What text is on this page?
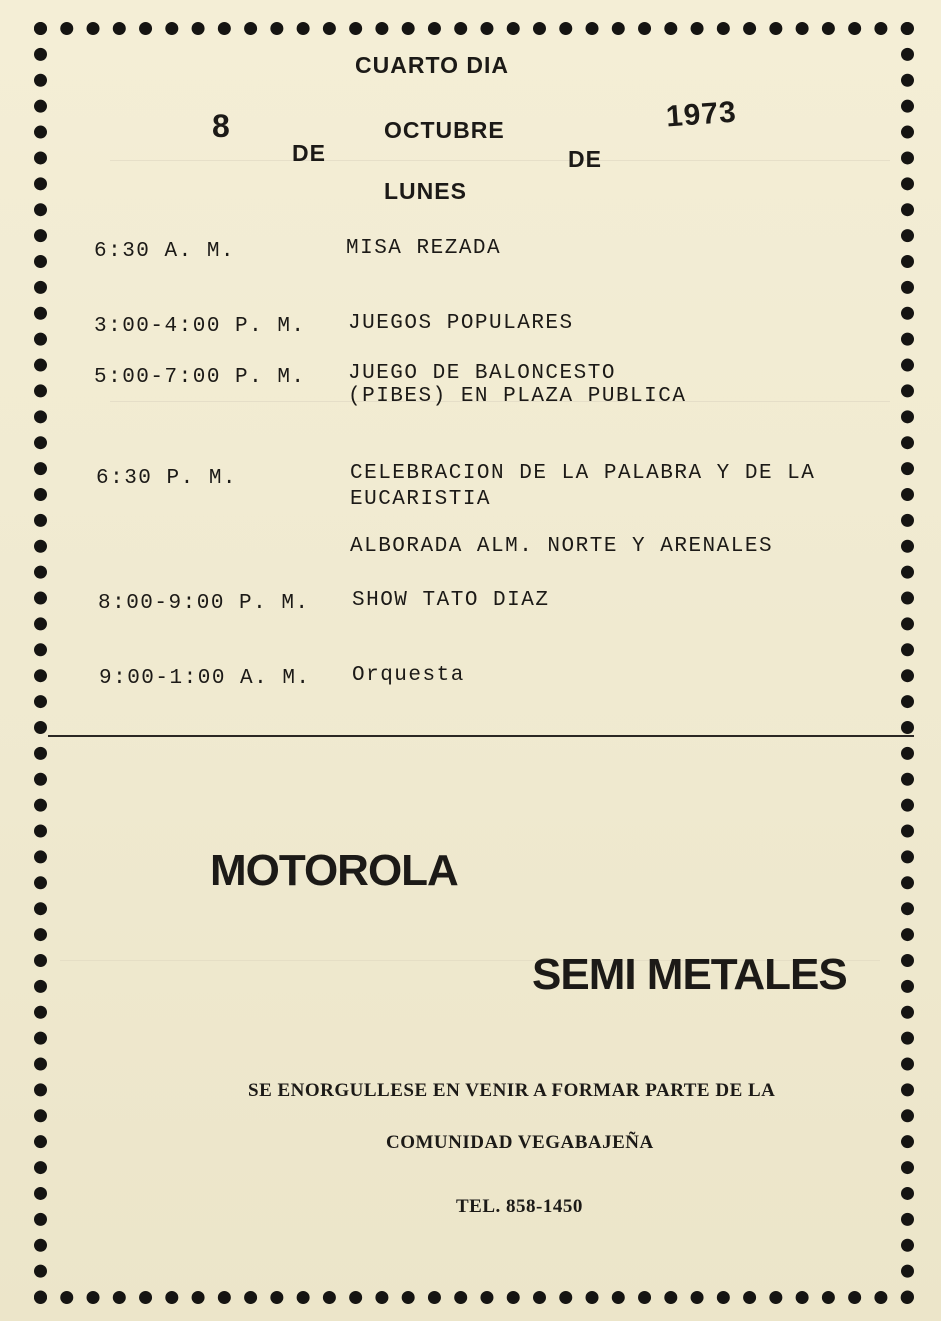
CUARTO DIA
8	OCTUBRE	1973
DE	DE
LUNES
6:30 A. M.	MISA REZADA
3:00-4:00 P. M. JUEGOS POPULARES
5:00-7:00 P. M. JUEGO DE BALONCESTO
(PIBES) EN PLAZA PUBLICA
6:30 P. M.	CELEBRACION DE LA PALABRA Y DE LA
EUCARISTIA
ALBORADA ALM. NORTE Y ARENALES
8:00-9:00 P. M. SHOW TATO DIAZ
9:00-1:00 A. M. Orquesta
MOTOROLA
SEMI METALES
SE ENORGULLESE EN VENIR A FORMAR PARTE DE LA
COMUNIDAD VEGABAJEÑA
TEL. 858-1450
